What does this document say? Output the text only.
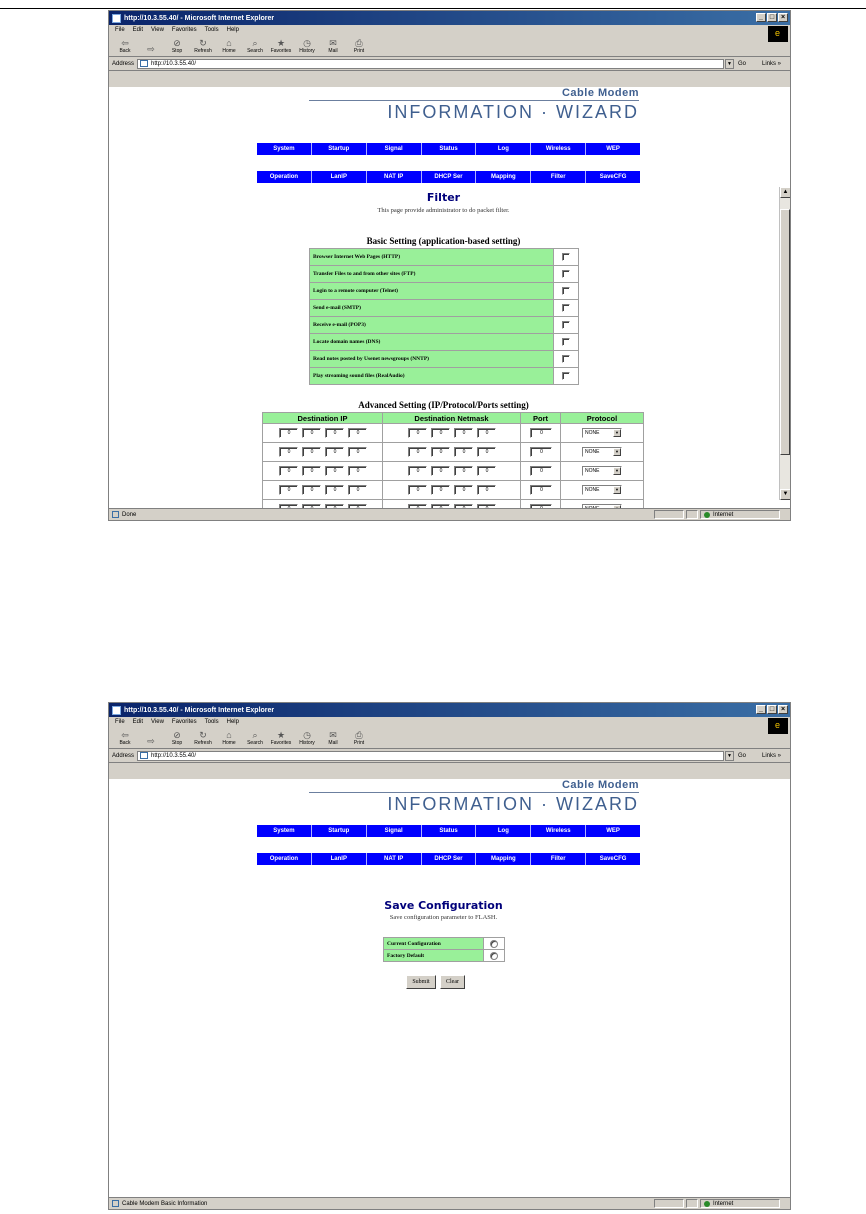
http://10.3.55.40/ - Microsoft Internet Explorer	_ □ ×
File Edit View Favorites Tools Help
e
⇦
Back ⇨
⊘
Stop
↻
Refresh
⌂
Home
⌕
Search
★
Favorites
◷
History
✉
Mail
⎙
Print
Address	http://10.3.55.40/	▼	Go	Links »
Cable Modem
INFORMATION · WIZARD
System	Startup	Signal	Status	Log	Wireless	WEP
Operation	LanIP	NAT IP	DHCP Ser	Mapping	Filter	SaveCFG
Filter
This page provide administrator to do packet filter.
Basic Setting (application-based setting)
Browser Internet Web Pages (HTTP)	
Transfer Files to and from other sites (FTP)	
Login to a remote computer (Telnet)	
Send e-mail (SMTP)	
Receive e-mail (POP3)	
Locate domain names (DNS)	
Read notes posted by Usenet newsgroups (NNTP)	
Play streaming sound files (RealAudio)	
Advanced Setting (IP/Protocol/Ports setting)
Destination IP	Destination Netmask	Port	Protocol
0 0 0 0	0 0 0 0	0	NONE ▼

0 0 0 0	0 0 0 0	0	NONE ▼

0 0 0 0	0 0 0 0	0	NONE ▼

0 0 0 0	0 0 0 0	0	NONE ▼

▲
▼
Done	Internet
http://10.3.55.40/ - Microsoft Internet Explorer	_ □ ×
File Edit View Favorites Tools Help
e
⇦
Back ⇨
⊘
Stop
↻
Refresh
⌂
Home
⌕
Search
★
Favorites
◷
History
✉
Mail
⎙
Print
Address	http://10.3.55.40/	▼	Go	Links »
Cable Modem
INFORMATION · WIZARD
System	Startup	Signal	Status	Log	Wireless	WEP
Operation	LanIP	NAT IP	DHCP Ser	Mapping	Filter	SaveCFG
Save Configuration
Save configuration parameter to FLASH.
Current Configuration	
Factory Default	
Submit	Clear
Cable Modem Basic Information	Internet
